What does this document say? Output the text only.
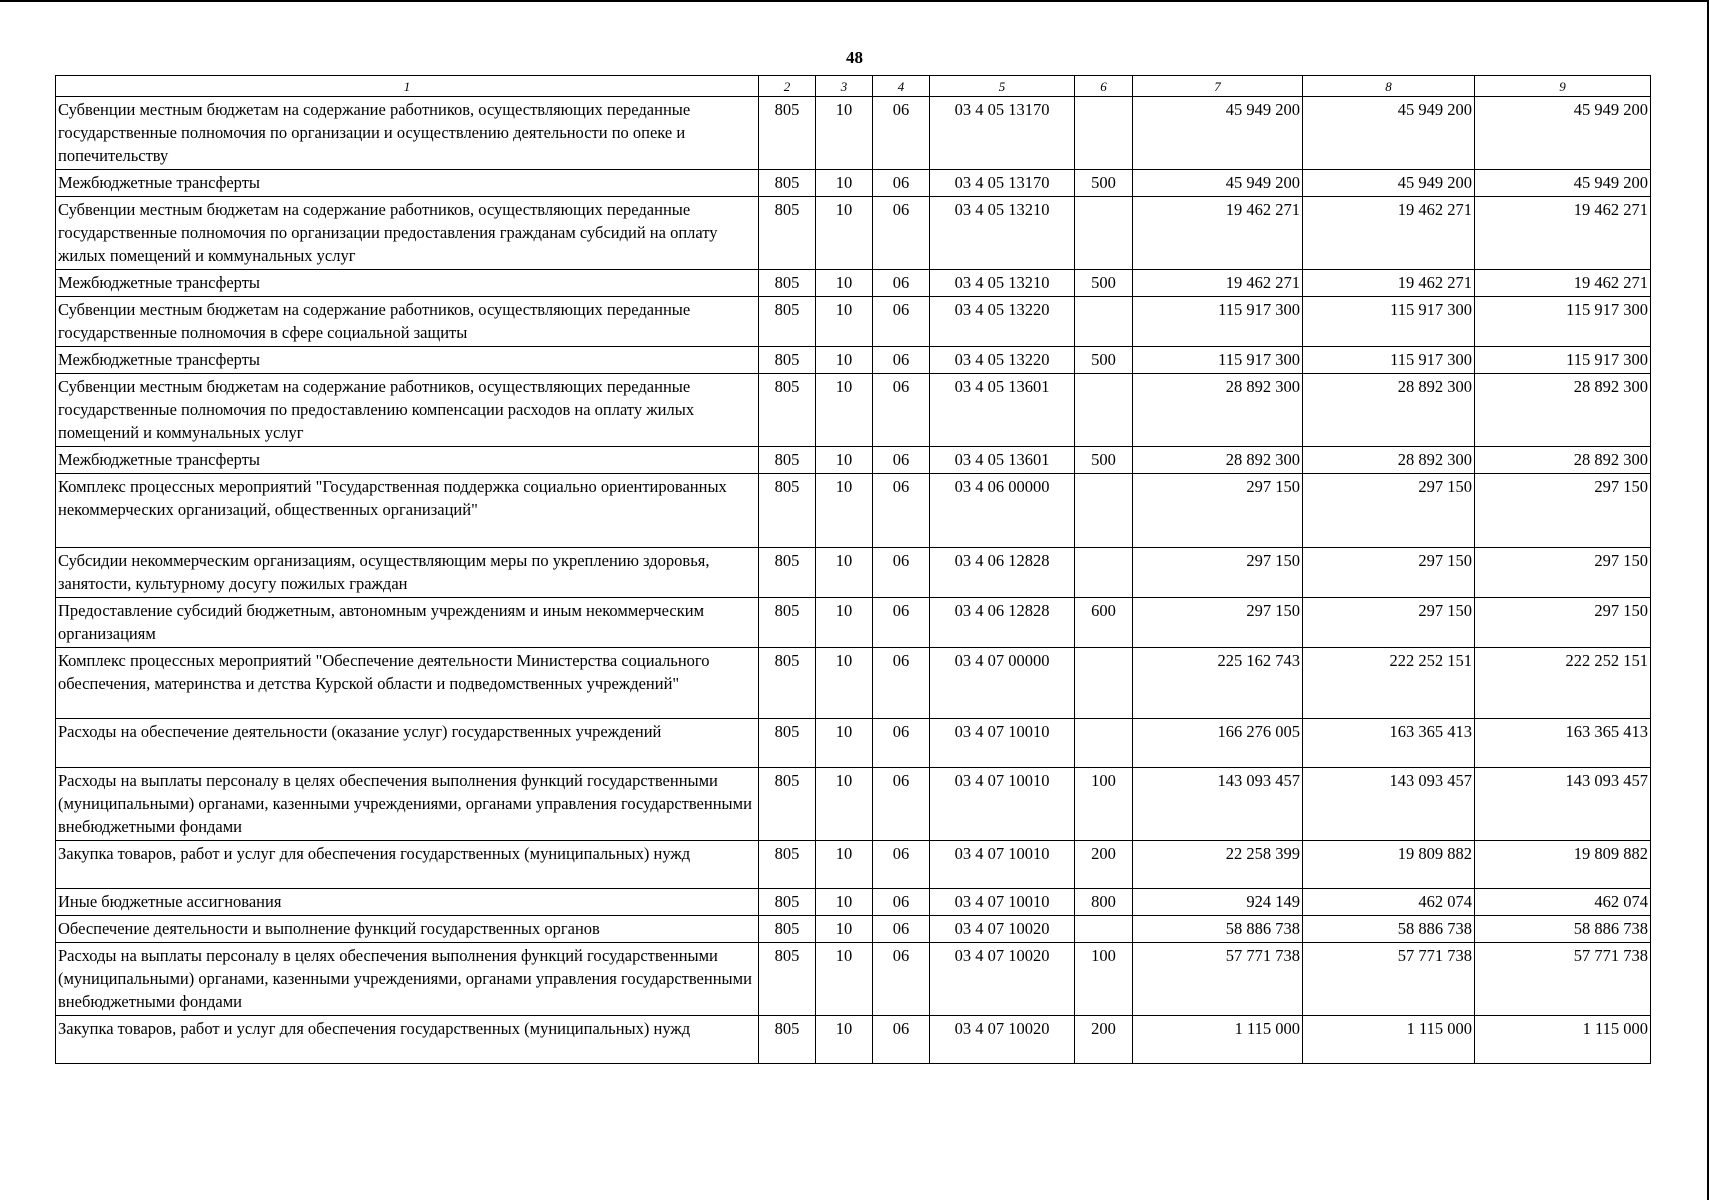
48
1	2	3	4	5	6	7	8	9
Субвенции местным бюджетам на содержание работников, осуществляющих переданные государственные полномочия по организации и осуществлению деятельности по опеке и попечительству	805	10	06	03 4 05 13170		45 949 200	45 949 200	45 949 200
Межбюджетные трансферты	805	10	06	03 4 05 13170	500	45 949 200	45 949 200	45 949 200
Субвенции местным бюджетам на содержание работников, осуществляющих переданные государственные полномочия по организации предоставления гражданам субсидий на оплату жилых помещений и коммунальных услуг	805	10	06	03 4 05 13210		19 462 271	19 462 271	19 462 271
Межбюджетные трансферты	805	10	06	03 4 05 13210	500	19 462 271	19 462 271	19 462 271
Субвенции местным бюджетам на содержание работников, осуществляющих переданные государственные полномочия в сфере социальной защиты	805	10	06	03 4 05 13220		115 917 300	115 917 300	115 917 300
Межбюджетные трансферты	805	10	06	03 4 05 13220	500	115 917 300	115 917 300	115 917 300
Субвенции местным бюджетам на содержание работников, осуществляющих переданные государственные полномочия по предоставлению компенсации расходов на оплату жилых помещений и коммунальных услуг	805	10	06	03 4 05 13601		28 892 300	28 892 300	28 892 300
Межбюджетные трансферты	805	10	06	03 4 05 13601	500	28 892 300	28 892 300	28 892 300
Комплекс процессных мероприятий "Государственная поддержка социально ориентированных некоммерческих организаций, общественных организаций"	805	10	06	03 4 06 00000		297 150	297 150	297 150
Субсидии некоммерческим организациям, осуществляющим меры по укреплению здоровья, занятости, культурному досугу пожилых граждан	805	10	06	03 4 06 12828		297 150	297 150	297 150
Предоставление субсидий бюджетным, автономным учреждениям и иным некоммерческим организациям	805	10	06	03 4 06 12828	600	297 150	297 150	297 150
Комплекс процессных мероприятий "Обеспечение деятельности Министерства социального обеспечения, материнства и детства Курской области и подведомственных учреждений"	805	10	06	03 4 07 00000		225 162 743	222 252 151	222 252 151
Расходы на обеспечение деятельности (оказание услуг) государственных учреждений	805	10	06	03 4 07 10010		166 276 005	163 365 413	163 365 413
Расходы на выплаты персоналу в целях обеспечения выполнения функций государственными (муниципальными) органами, казенными учреждениями, органами управления государственными внебюджетными фондами	805	10	06	03 4 07 10010	100	143 093 457	143 093 457	143 093 457
Закупка товаров, работ и услуг для обеспечения государственных (муниципальных) нужд	805	10	06	03 4 07 10010	200	22 258 399	19 809 882	19 809 882
Иные бюджетные ассигнования	805	10	06	03 4 07 10010	800	924 149	462 074	462 074
Обеспечение деятельности и выполнение функций государственных органов	805	10	06	03 4 07 10020		58 886 738	58 886 738	58 886 738
Расходы на выплаты персоналу в целях обеспечения выполнения функций государственными (муниципальными) органами, казенными учреждениями, органами управления государственными внебюджетными фондами	805	10	06	03 4 07 10020	100	57 771 738	57 771 738	57 771 738
Закупка товаров, работ и услуг для обеспечения государственных (муниципальных) нужд	805	10	06	03 4 07 10020	200	1 115 000	1 115 000	1 115 000
